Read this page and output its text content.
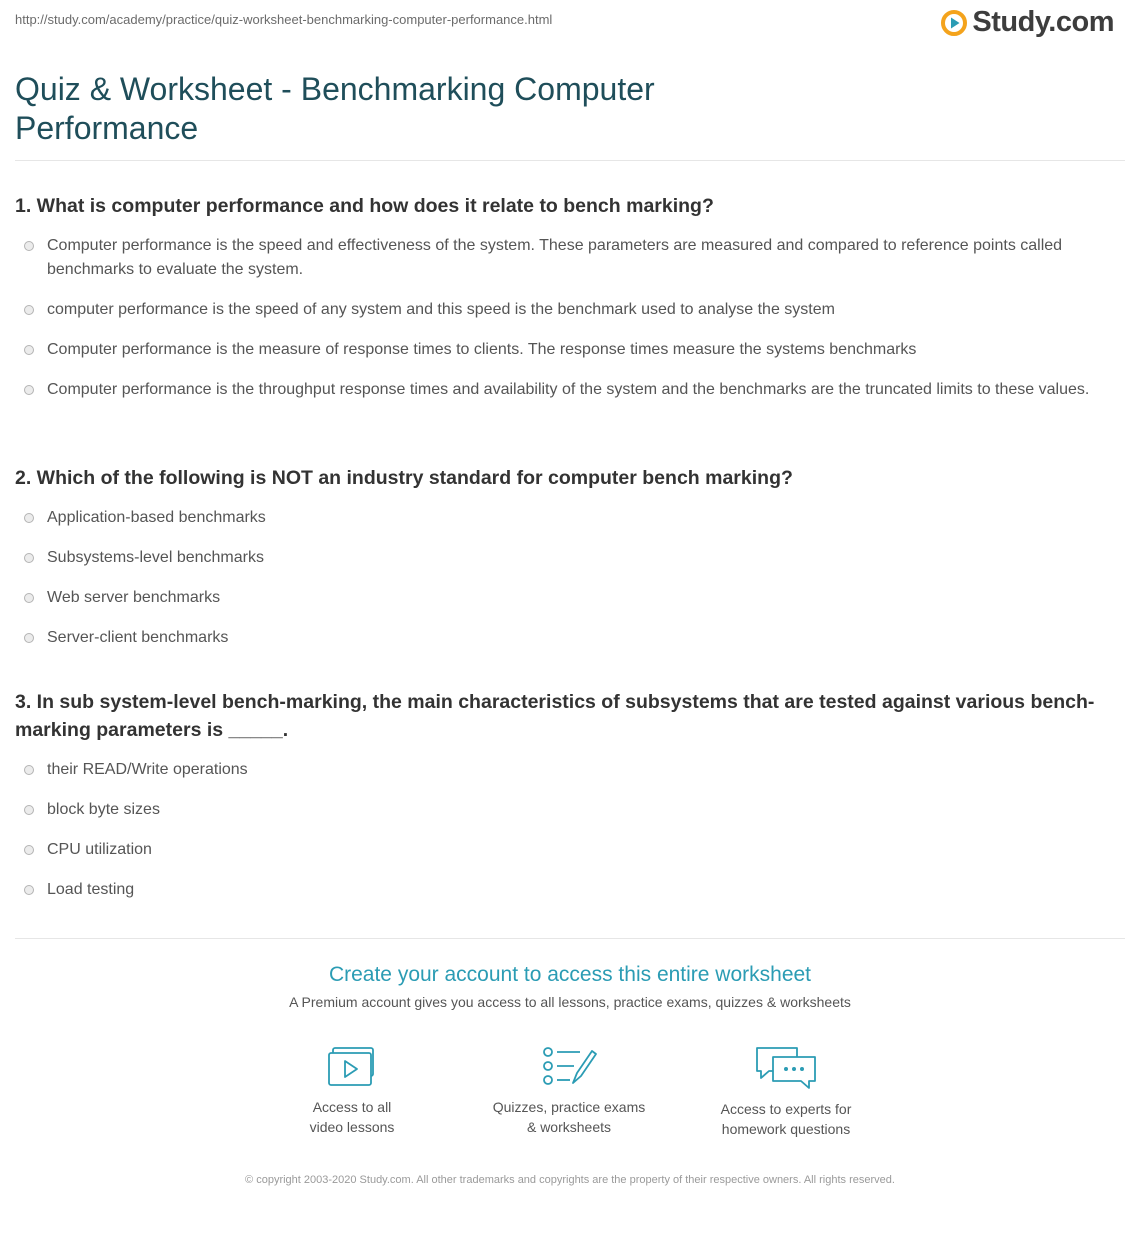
http://study.com/academy/practice/quiz-worksheet-benchmarking-computer-performance.html	Study.com
Quiz & Worksheet - Benchmarking Computer Performance
1. What is computer performance and how does it relate to bench marking?
Computer performance is the speed and effectiveness of the system. These parameters are measured and compared to reference points called benchmarks to evaluate the system.
computer performance is the speed of any system and this speed is the benchmark used to analyse the system
Computer performance is the measure of response times to clients. The response times measure the systems benchmarks
Computer performance is the throughput response times and availability of the system and the benchmarks are the truncated limits to these values.
2. Which of the following is NOT an industry standard for computer bench marking?
Application-based benchmarks
Subsystems-level benchmarks
Web server benchmarks
Server-client benchmarks
3. In sub system-level bench-marking, the main characteristics of subsystems that are tested against various bench-marking parameters is _____.
their READ/Write operations
block byte sizes
CPU utilization
Load testing
Create your account to access this entire worksheet

A Premium account gives you access to all lessons, practice exams, quizzes & worksheets

Access to all
video lessons
Quizzes, practice exams
& worksheets
Access to experts for
homework questions
© copyright 2003-2020 Study.com. All other trademarks and copyrights are the property of their respective owners. All rights reserved.
